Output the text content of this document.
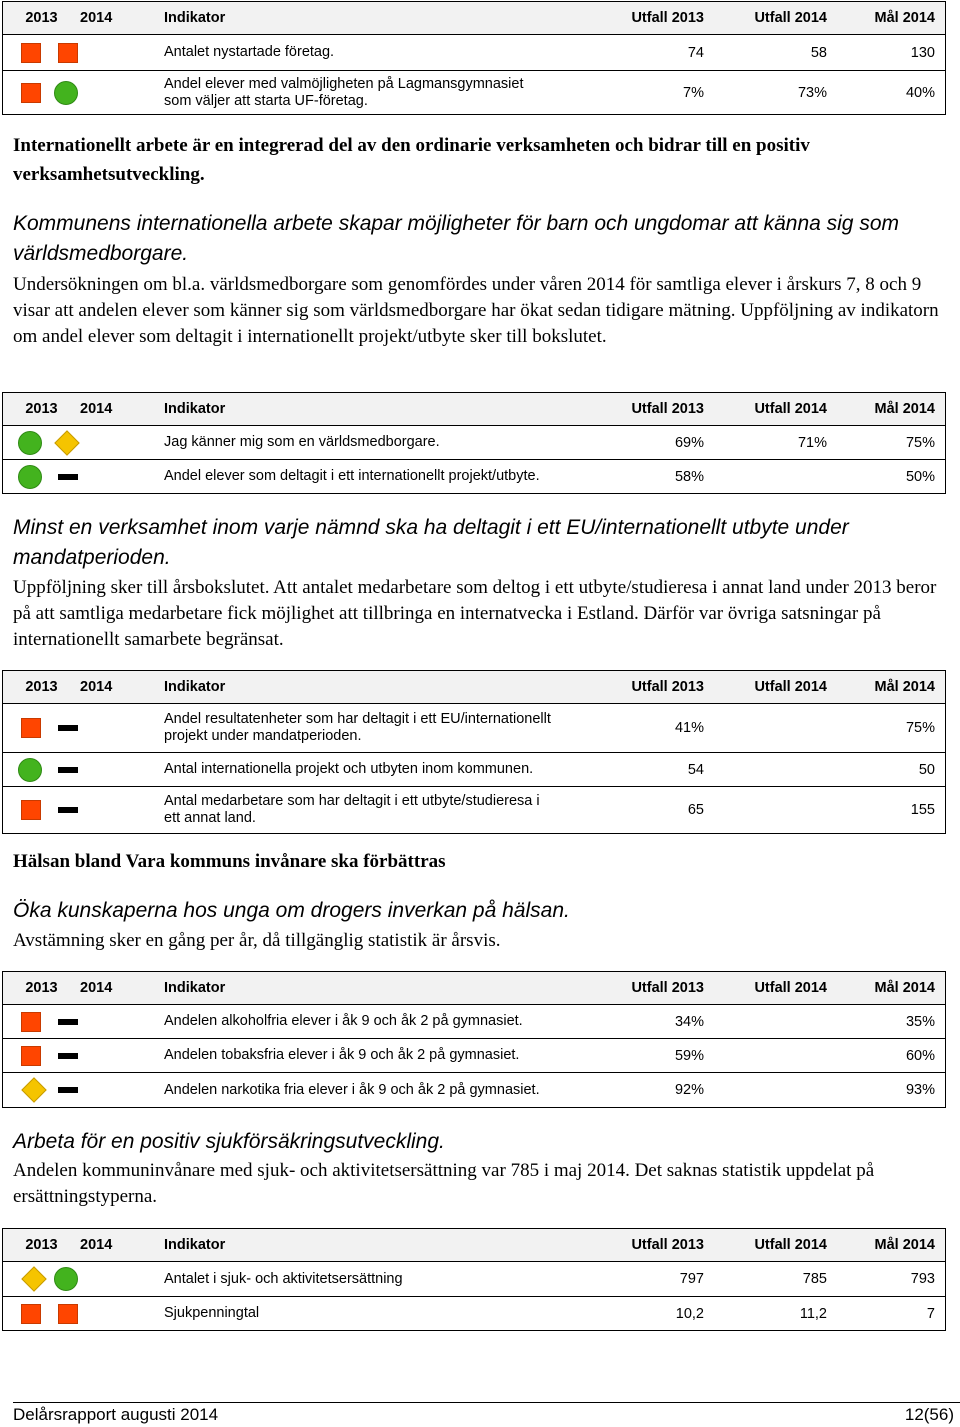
2013	2014	Indikator	Utfall 2013	Utfall 2014	Mål 2014
		Antalet nystartade företag.	74	58	130
		Andel elever med valmöjligheten på Lagmansgymnasiet som väljer att starta UF-företag.	7%	73%	40%
Internationellt arbete är en integrerad del av den ordinarie verksamheten och bidrar till en positiv verksamhetsutveckling.
Kommunens internationella arbete skapar möjligheter för barn och ungdomar att känna sig som världsmedborgare.
Undersökningen om bl.a. världsmedborgare som genomfördes under våren 2014 för samtliga elever i årskurs 7, 8 och 9 visar att andelen elever som känner sig som världsmedborgare har ökat sedan tidigare mätning. Uppföljning av indikatorn om andel elever som deltagit i internationellt projekt/utbyte sker till bokslutet.
2013	2014	Indikator	Utfall 2013	Utfall 2014	Mål 2014
		Jag känner mig som en världsmedborgare.	69%	71%	75%
		Andel elever som deltagit i ett internationellt projekt/utbyte.	58%		50%
Minst en verksamhet inom varje nämnd ska ha deltagit i ett EU/internationellt utbyte under mandatperioden.
Uppföljning sker till årsbokslutet. Att antalet medarbetare som deltog i ett utbyte/studieresa i annat land under 2013 beror på att samtliga medarbetare fick möjlighet att tillbringa en internatvecka i Estland. Därför var övriga satsningar på internationellt samarbete begränsat.
2013	2014	Indikator	Utfall 2013	Utfall 2014	Mål 2014
		Andel resultatenheter som har deltagit i ett EU/internationellt projekt under mandatperioden.	41%		75%
		Antal internationella projekt och utbyten inom kommunen.	54		50
		Antal medarbetare som har deltagit i ett utbyte/studieresa i ett annat land.	65		155
Hälsan bland Vara kommuns invånare ska förbättras
Öka kunskaperna hos unga om drogers inverkan på hälsan.
Avstämning sker en gång per år, då tillgänglig statistik är årsvis.
2013	2014	Indikator	Utfall 2013	Utfall 2014	Mål 2014
		Andelen alkoholfria elever i åk 9 och åk 2 på gymnasiet.	34%		35%
		Andelen tobaksfria elever i åk 9 och åk 2 på gymnasiet.	59%		60%
		Andelen narkotika fria elever i åk 9 och åk 2 på gymnasiet.	92%		93%
Arbeta för en positiv sjukförsäkringsutveckling.
Andelen kommuninvånare med sjuk- och aktivitetsersättning var 785 i maj 2014. Det saknas statistik uppdelat på ersättningstyperna.
2013	2014	Indikator	Utfall 2013	Utfall 2014	Mål 2014
		Antalet i sjuk- och aktivitetsersättning	797	785	793
		Sjukpenningtal	10,2	11,2	7
Delårsrapport augusti 2014	12(56)
